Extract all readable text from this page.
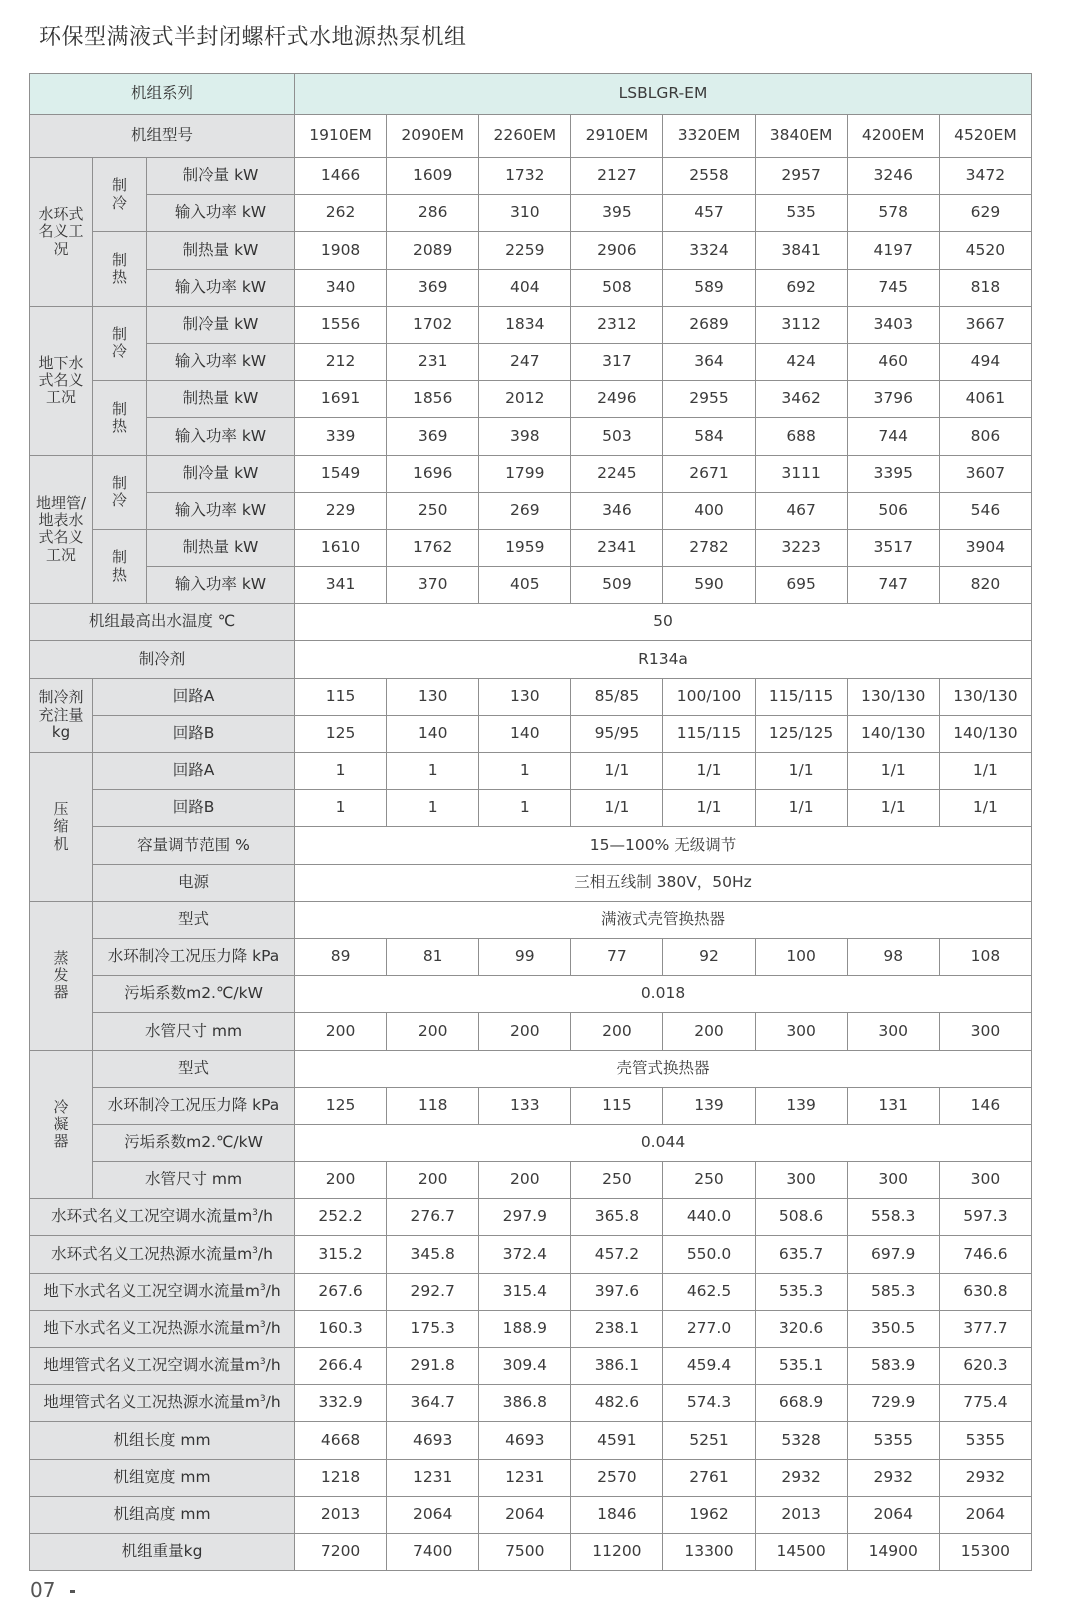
环保型满液式半封闭螺杆式水地源热泵机组
机组系列			LSBLGR-EM							
机组型号			1910EM	2090EM	2260EM	2910EM	3320EM	3840EM	4200EM	4520EM
水环式
名义工
况	制
冷	制冷量 kW	1466	1609	1732	2127	2558	2957	3246	3472
		输入功率 kW	262	286	310	395	457	535	578	629
	制
热	制热量 kW	1908	2089	2259	2906	3324	3841	4197	4520
		输入功率 kW	340	369	404	508	589	692	745	818
地下水
式名义
工况	制
冷	制冷量 kW	1556	1702	1834	2312	2689	3112	3403	3667
		输入功率 kW	212	231	247	317	364	424	460	494
	制
热	制热量 kW	1691	1856	2012	2496	2955	3462	3796	4061
		输入功率 kW	339	369	398	503	584	688	744	806
地埋管/
地表水
式名义
工况	制
冷	制冷量 kW	1549	1696	1799	2245	2671	3111	3395	3607
		输入功率 kW	229	250	269	346	400	467	506	546
	制
热	制热量 kW	1610	1762	1959	2341	2782	3223	3517	3904
		输入功率 kW	341	370	405	509	590	695	747	820
机组最高出水温度 ℃			50							
制冷剂			R134a							
制冷剂
充注量
kg	回路A		115	130	130	85/85	100/100	115/115	130/130	130/130
	回路B		125	140	140	95/95	115/115	125/125	140/130	140/130
压
缩
机	回路A		1	1	1	1/1	1/1	1/1	1/1	1/1
	回路B		1	1	1	1/1	1/1	1/1	1/1	1/1
	容量调节范围 %		15—100% 无级调节							
	电源		三相五线制 380V，50Hz							
蒸
发
器	型式		满液式壳管换热器							
	水环制冷工况压力降 kPa		89	81	99	77	92	100	98	108
	污垢系数m2.℃/kW		0.018							
	水管尺寸 mm		200	200	200	200	200	300	300	300
冷
凝
器	型式		壳管式换热器							
	水环制冷工况压力降 kPa		125	118	133	115	139	139	131	146
	污垢系数m2.℃/kW		0.044							
	水管尺寸 mm		200	200	200	250	250	300	300	300
水环式名义工况空调水流量$m^3/h$			252.2	276.7	297.9	365.8	440.0	508.6	558.3	597.3
水环式名义工况热源水流量$m^3/h$			315.2	345.8	372.4	457.2	550.0	635.7	697.9	746.6
地下水式名义工况空调水流量$m^3/h$			267.6	292.7	315.4	397.6	462.5	535.3	585.3	630.8
地下水式名义工况热源水流量$m^3/h$			160.3	175.3	188.9	238.1	277.0	320.6	350.5	377.7
地埋管式名义工况空调水流量$m^3/h$			266.4	291.8	309.4	386.1	459.4	535.1	583.9	620.3
地埋管式名义工况热源水流量$m^3/h$			332.9	364.7	386.8	482.6	574.3	668.9	729.9	775.4
机组长度 mm			4668	4693	4693	4591	5251	5328	5355	5355
机组宽度 mm			1218	1231	1231	2570	2761	2932	2932	2932
机组高度 mm			2013	2064	2064	1846	1962	2013	2064	2064
机组重量kg			7200	7400	7500	11200	13300	14500	14900	15300
07
